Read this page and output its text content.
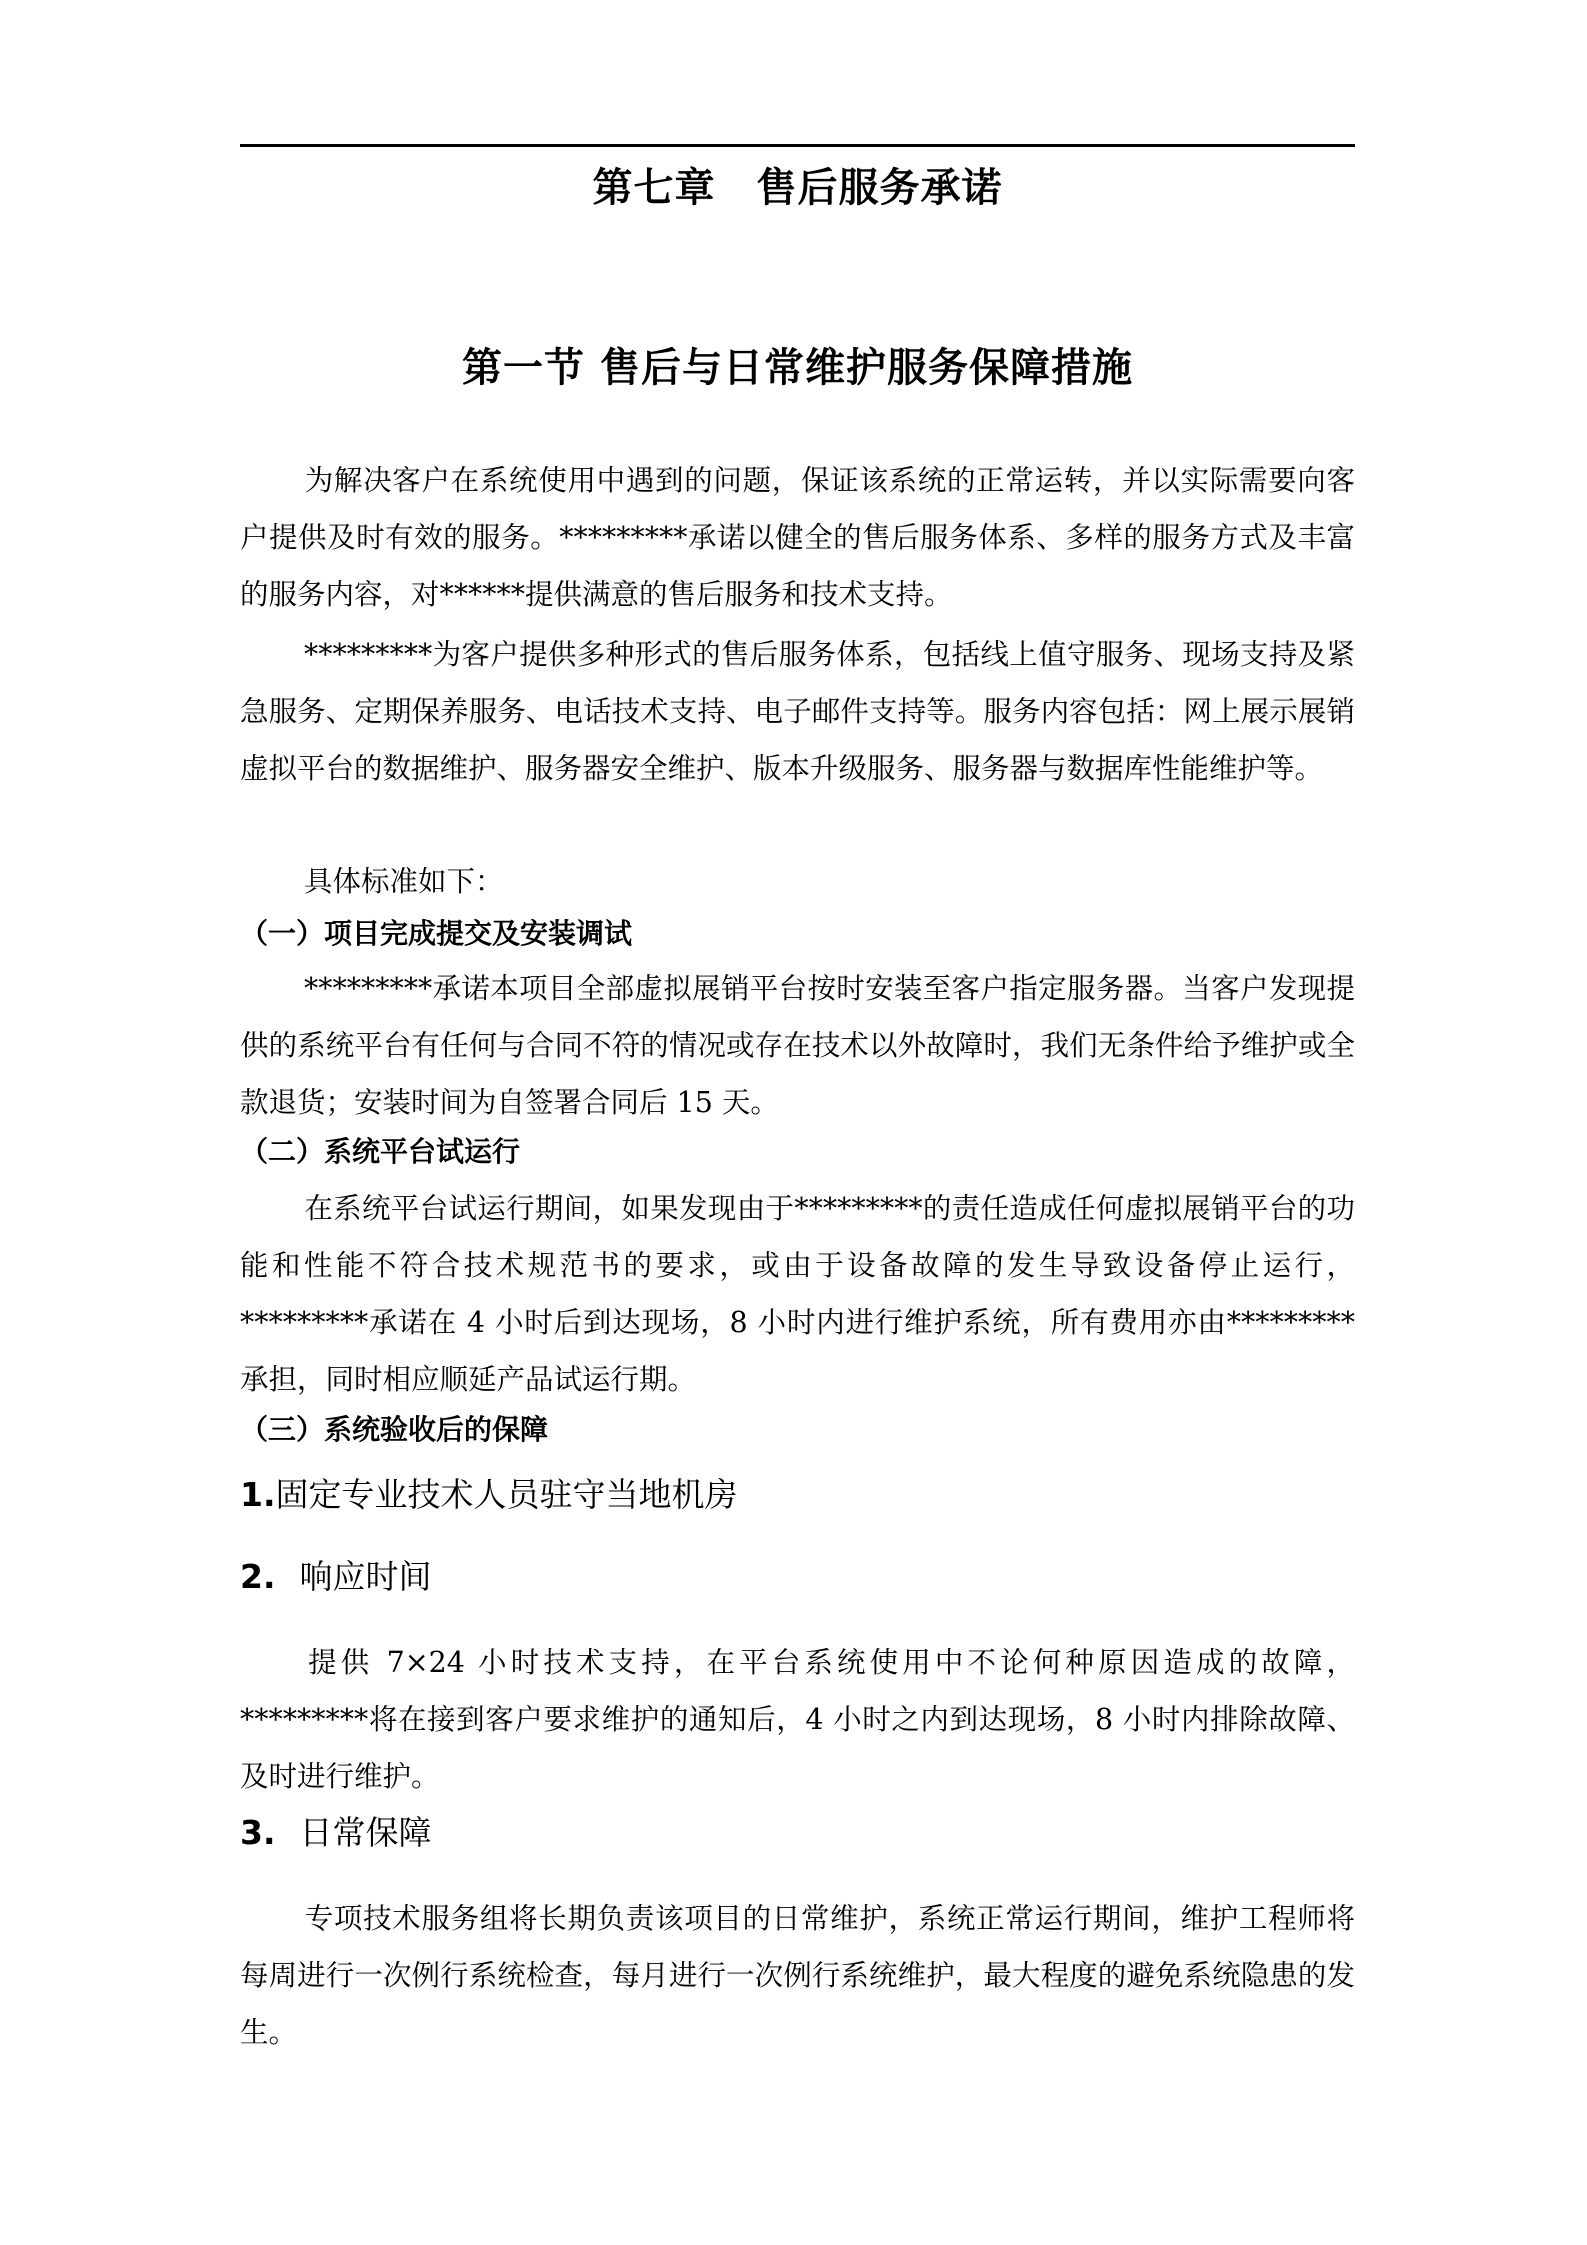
第七章　售后服务承诺
第一节 售后与日常维护服务保障措施
为解决客户在系统使用中遇到的问题，保证该系统的正常运转，并以实际需要向客户提供及时有效的服务。*********承诺以健全的售后服务体系、多样的服务方式及丰富的服务内容，对******提供满意的售后服务和技术支持。
*********为客户提供多种形式的售后服务体系，包括线上值守服务、现场支持及紧急服务、定期保养服务、电话技术支持、电子邮件支持等。服务内容包括：网上展示展销虚拟平台的数据维护、服务器安全维护、版本升级服务、服务器与数据库性能维护等。
具体标准如下：
（一）项目完成提交及安装调试
*********承诺本项目全部虚拟展销平台按时安装至客户指定服务器。当客户发现提供的系统平台有任何与合同不符的情况或存在技术以外故障时，我们无条件给予维护或全款退货；安装时间为自签署合同后 15 天。
（二）系统平台试运行
在系统平台试运行期间，如果发现由于*********的责任造成任何虚拟展销平台的功能和性能不符合技术规范书的要求，或由于设备故障的发生导致设备停止运行，*********承诺在 4 小时后到达现场，8 小时内进行维护系统，所有费用亦由*********承担，同时相应顺延产品试运行期。
（三）系统验收后的保障
1.固定专业技术人员驻守当地机房
2. 响应时间
提供 7×24 小时技术支持，在平台系统使用中不论何种原因造成的故障，*********将在接到客户要求维护的通知后，4 小时之内到达现场，8 小时内排除故障、及时进行维护。
3. 日常保障
专项技术服务组将长期负责该项目的日常维护，系统正常运行期间，维护工程师将每周进行一次例行系统检查，每月进行一次例行系统维护，最大程度的避免系统隐患的发生。
